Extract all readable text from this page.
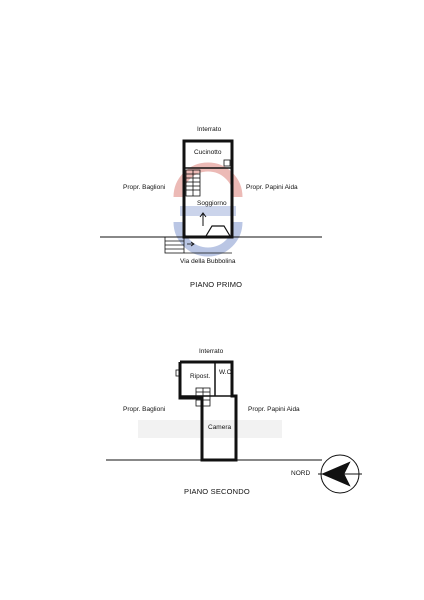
Interrato
Cucinotto
Soggiorno
Propr. Baglioni	Propr. Papini Aida
Via della Bubbolina
PIANO PRIMO
Interrato
Ripost.
W.C.
Camera
Propr. Baglioni	Propr. Papini Aida
PIANO SECONDO
NORD
